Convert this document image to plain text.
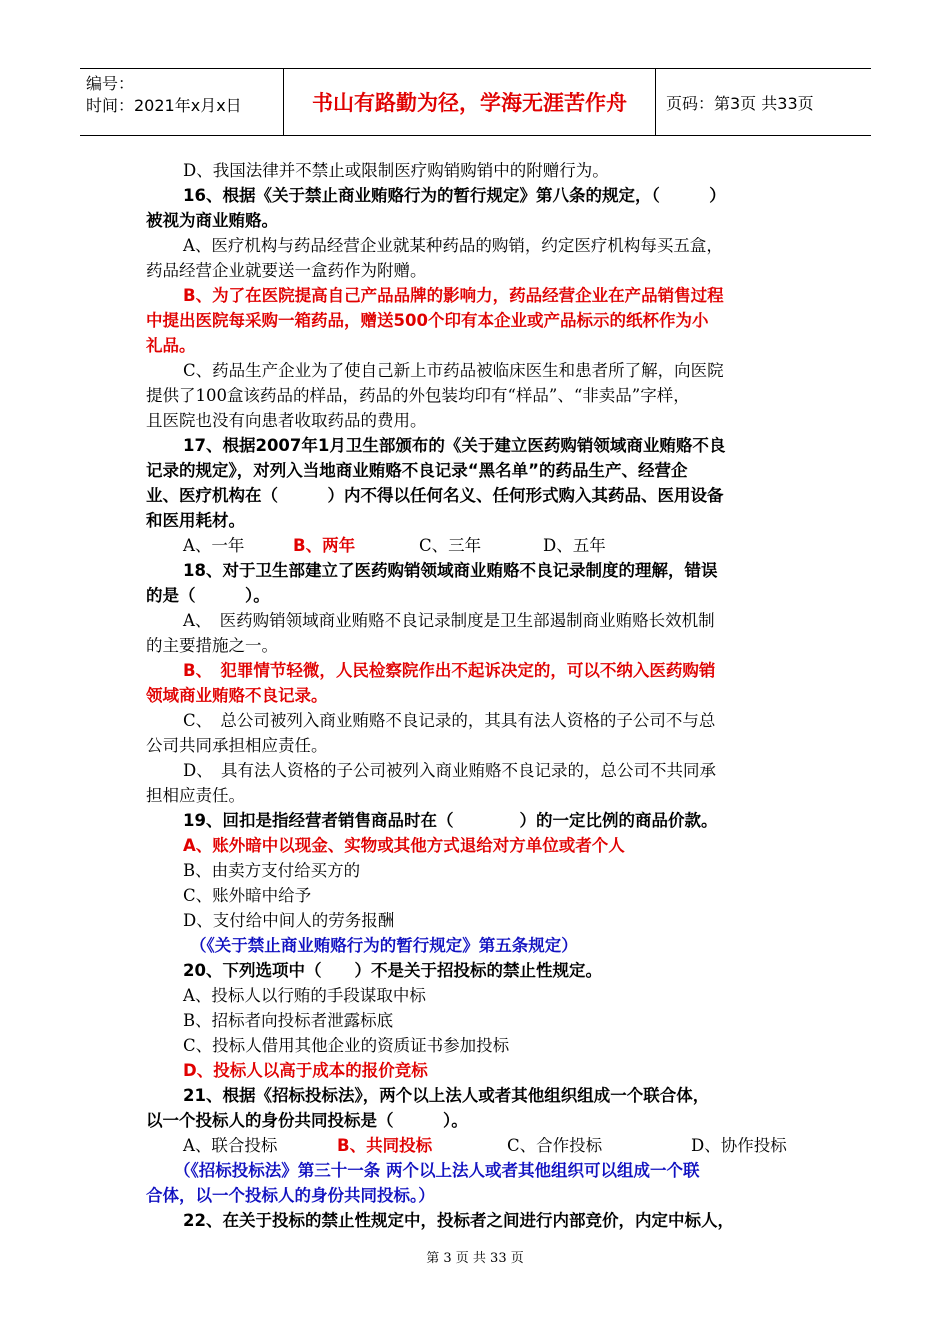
编号：
时间：2021年x月x日	书山有路勤为径，学海无涯苦作舟	页码：第3页 共33页
D、我国法律并不禁止或限制医疗购销购销中的附赠行为。
16、根据《关于禁止商业贿赂行为的暂行规定》第八条的规定，（　　　）
被视为商业贿赂。
A、医疗机构与药品经营企业就某种药品的购销，约定医疗机构每买五盒，
药品经营企业就要送一盒药作为附赠。
B、为了在医院提高自己产品品牌的影响力，药品经营企业在产品销售过程
中提出医院每采购一箱药品，赠送500个印有本企业或产品标示的纸杯作为小
礼品。
C、药品生产企业为了使自己新上市药品被临床医生和患者所了解，向医院
提供了100盒该药品的样品，药品的外包装均印有“样品”、“非卖品”字样，
且医院也没有向患者收取药品的费用。
17、根据2007年1月卫生部颁布的《关于建立医药购销领域商业贿赂不良
记录的规定》，对列入当地商业贿赂不良记录“黑名单”的药品生产、经营企
业、医疗机构在（　　　）内不得以任何名义、任何形式购入其药品、医用设备
和医用耗材。
A、一年	B、两年	C、三年	D、五年
18、对于卫生部建立了医药购销领域商业贿赂不良记录制度的理解，错误
的是（　　　）。
A、　医药购销领域商业贿赂不良记录制度是卫生部遏制商业贿赂长效机制
的主要措施之一。
B、　犯罪情节轻微，人民检察院作出不起诉决定的，可以不纳入医药购销
领域商业贿赂不良记录。
C、　总公司被列入商业贿赂不良记录的，其具有法人资格的子公司不与总
公司共同承担相应责任。
D、　具有法人资格的子公司被列入商业贿赂不良记录的，总公司不共同承
担相应责任。
19、回扣是指经营者销售商品时在（　　　　）的一定比例的商品价款。
A、账外暗中以现金、实物或其他方式退给对方单位或者个人
B、由卖方支付给买方的
C、账外暗中给予
D、支付给中间人的劳务报酬
（《关于禁止商业贿赂行为的暂行规定》第五条规定）
20、下列选项中（　　）不是关于招投标的禁止性规定。
A、投标人以行贿的手段谋取中标
B、招标者向投标者泄露标底
C、投标人借用其他企业的资质证书参加投标
D、投标人以高于成本的报价竞标
21、根据《招标投标法》，两个以上法人或者其他组织组成一个联合体，
以一个投标人的身份共同投标是（　　　）。
A、联合投标	B、共同投标	C、合作投标	D、协作投标
（《招标投标法》第三十一条 两个以上法人或者其他组织可以组成一个联
合体，以一个投标人的身份共同投标。）
22、在关于投标的禁止性规定中，投标者之间进行内部竞价，内定中标人，
第 3 页 共 33 页
